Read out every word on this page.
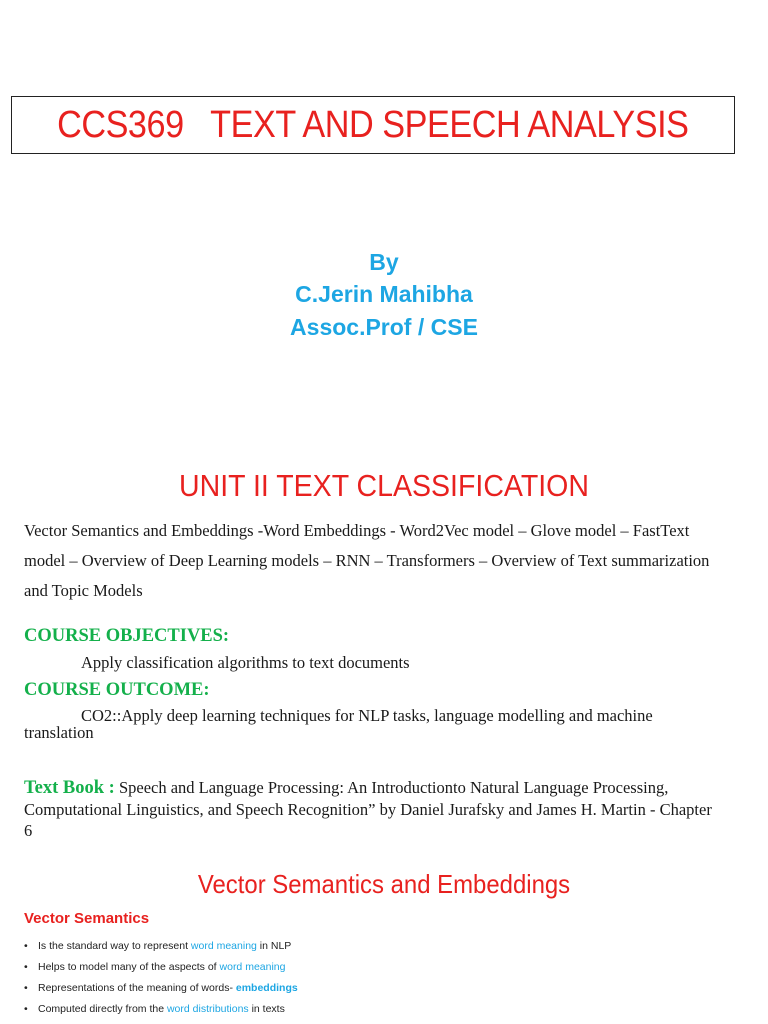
CCS369   TEXT AND SPEECH ANALYSIS
By
C.Jerin Mahibha
Assoc.Prof / CSE
UNIT II TEXT CLASSIFICATION
Vector Semantics and Embeddings -Word Embeddings - Word2Vec model – Glove model – FastText model – Overview of Deep Learning models – RNN – Transformers – Overview of Text summarization and Topic Models
COURSE OBJECTIVES:
Apply classification algorithms to text documents
COURSE OUTCOME:
CO2::Apply deep learning techniques for NLP tasks, language modelling and machine
translation
Text Book : Speech and Language Processing: An Introductionto Natural Language Processing, Computational Linguistics, and Speech Recognition” by Daniel Jurafsky and James H. Martin - Chapter 6
Vector Semantics and Embeddings
Vector Semantics
• Is the standard way to represent word meaning in NLP
• Helps to model many of the aspects of word meaning
• Representations of the meaning of words- embeddings
• Computed directly from the word distributions in texts
